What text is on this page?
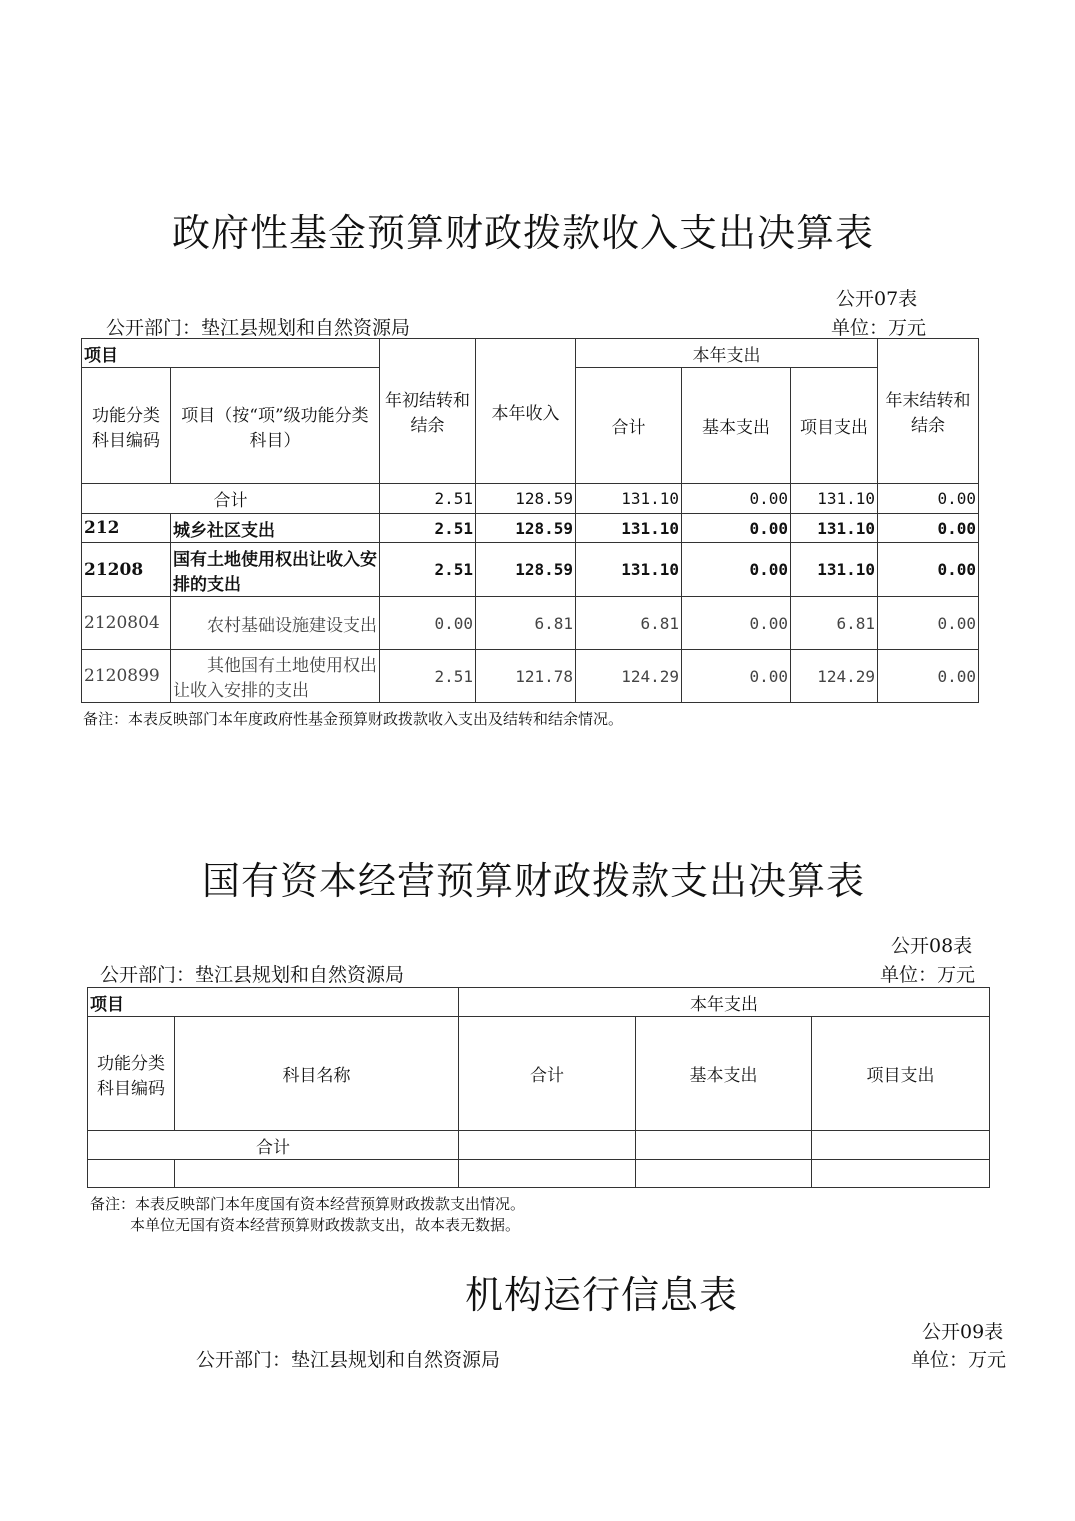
政府性基金预算财政拨款收入支出决算表
公开07表
公开部门：垫江县规划和自然资源局	单位：万元
项目		年初结转和结余	本年收入	本年支出			年末结转和结余
功能分类科目编码	项目（按“项”级功能分类科目）			合计	基本支出	项目支出	
合计		2.51	128.59	131.10	0.00	131.10	0.00
212	城乡社区支出	2.51	128.59	131.10	0.00	131.10	0.00
21208	国有土地使用权出让收入安排的支出	2.51	128.59	131.10	0.00	131.10	0.00
2120804	农村基础设施建设支出	0.00	6.81	6.81	0.00	6.81	0.00
2120899	其他国有土地使用权出让收入安排的支出	2.51	121.78	124.29	0.00	124.29	0.00
备注：本表反映部门本年度政府性基金预算财政拨款收入支出及结转和结余情况。
国有资本经营预算财政拨款支出决算表
公开08表
公开部门：垫江县规划和自然资源局	单位：万元
项目		本年支出		
功能分类科目编码	科目名称	合计	基本支出	项目支出
合计				

备注：本表反映部门本年度国有资本经营预算财政拨款支出情况。
本单位无国有资本经营预算财政拨款支出，故本表无数据。
机构运行信息表
公开09表
公开部门：垫江县规划和自然资源局	单位：万元
